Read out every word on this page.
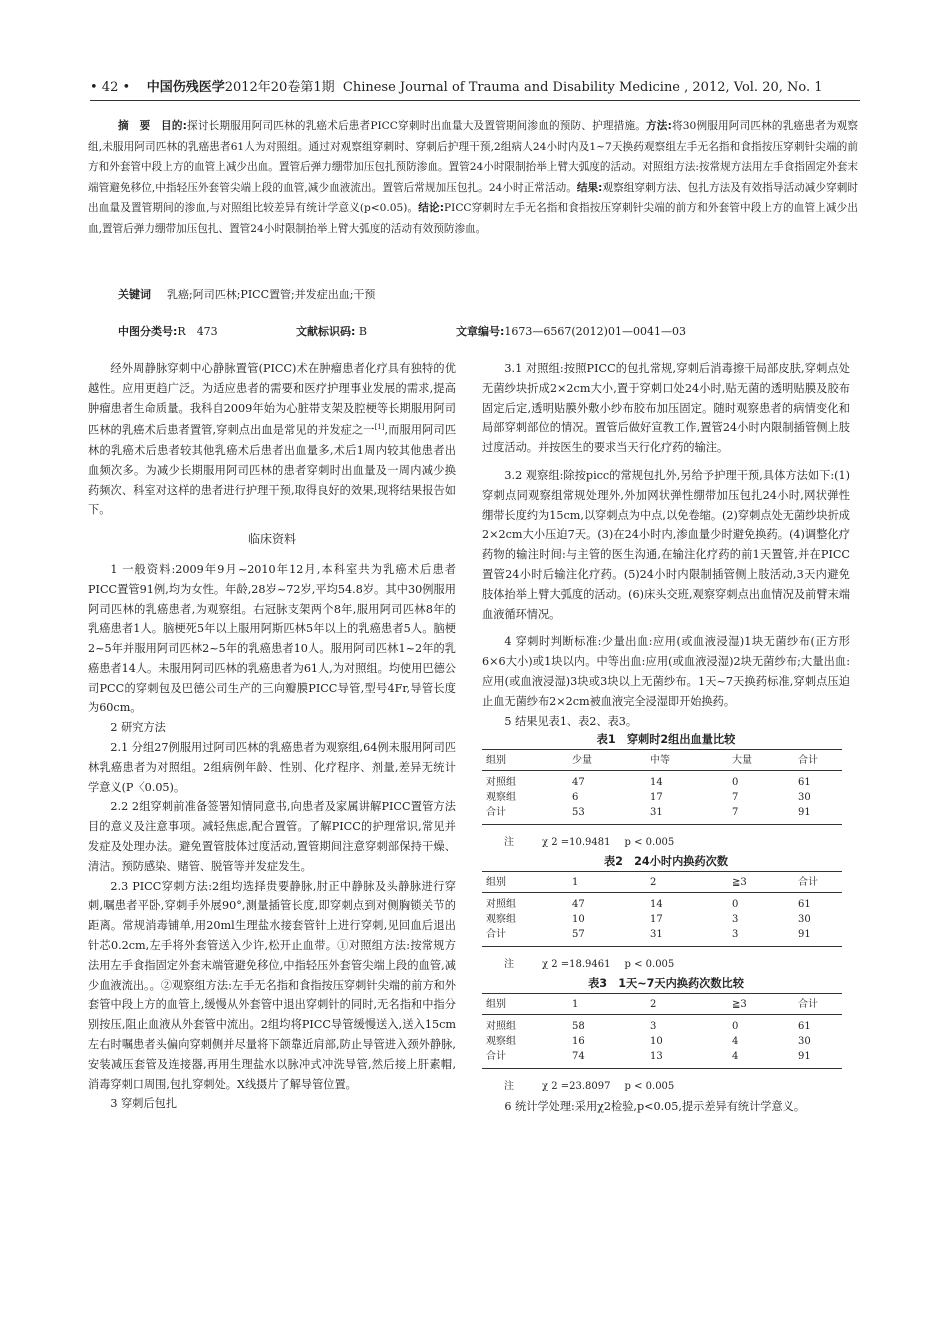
• 42 • 中国伤残医学2012年20卷第1期 Chinese Journal of Trauma and Disability Medicine , 2012, Vol. 20, No. 1

摘　要 目的:探讨长期服用阿司匹林的乳癌术后患者PICC穿刺时出血量大及置管期间渗血的预防、护理措施。方法:将30例服用阿司匹林的乳癌患者为观察组,未服用阿司匹林的乳癌患者61人为对照组。通过对观察组穿刺时、穿刺后护理干预,2组病人24小时内及1~7天换药观察组左手无名指和食指按压穿刺针尖端的前方和外套管中段上方的血管上减少出血。置管后弹力绷带加压包扎预防渗血。置管24小时限制抬举上臂大弧度的活动。对照组方法:按常规方法用左手食指固定外套末端管避免移位,中指轻压外套管尖端上段的血管,减少血液流出。置管后常规加压包扎。24小时正常活动。结果:观察组穿刺方法、包扎方法及有效指导活动减少穿刺时出血量及置管期间的渗血,与对照组比较差异有统计学意义(p<0.05)。结论:PICC穿刺时左手无名指和食指按压穿刺针尖端的前方和外套管中段上方的血管上减少出血,置管后弹力绷带加压包扎、置管24小时限制抬举上臂大弧度的活动有效预防渗血。

关键词 乳癌;阿司匹林;PICC置管;并发症出血;干预
中图分类号:R　473	文献标识码: B	文章编号:1673—6567(2012)01—0041—03

经外周静脉穿刺中心静脉置管(PICC)术在肿瘤患者化疗具有独特的优越性。应用更趋广泛。为适应患者的需要和医疗护理事业发展的需求,提高肿瘤患者生命质量。我科自2009年始为心脏帯支架及腔梗等长期服用阿司匹林的乳癌术后患者置管,穿刺点出血是常见的并发症之一[1],而服用阿司匹林的乳癌术后患者较其他乳癌术后患者出血量多,术后1周内较其他患者出血频次多。为减少长期服用阿司匹林的患者穿刺时出血量及一周内减少换药频次、科室对这样的患者进行护理干预,取得良好的效果,现将结果报告如下。

临床资料

1 一般资料:2009年9月~2010年12月,本科室共为乳癌术后患者PICC置管91例,均为女性。年龄,28岁~72岁,平均54.8岁。其中30例服用阿司匹林的乳癌患者,为观察组。右冠脉支架两个8年,服用阿司匹林8年的乳癌患者1人。脑梗死5年以上服用阿斯匹林5年以上的乳癌患者5人。脑梗2~5年并服用阿司匹林2~5年的乳癌患者10人。服用阿司匹林1~2年的乳癌患者14人。未服用阿司匹林的乳癌患者为61人,为对照组。均使用巴德公司PCC的穿刺包及巴德公司生产的三向瓣膜PICC导管,型号4Fr,导管长度为60cm。

2 研究方法

2.1 分组27例服用过阿司匹林的乳癌患者为观察组,64例未服用阿司匹林乳癌患者为对照组。2组病例年龄、性别、化疗程序、剂量,差异无统计学意义(P〈0.05)。

2.2 2组穿刺前准备签署知情同意书,向患者及家属讲解PICC置管方法目的意义及注意事项。减轻焦虑,配合置管。了解PICC的护理常识,常见并发症及处理办法。避免置管肢体过度活动,置管期间注意穿刺部保持干燥、清洁。预防感染、赌管、脱管等并发症发生。

2.3 PICC穿刺方法:2组均选择贵要静脉,肘正中静脉及头静脉进行穿刺,嘱患者平卧,穿刺手外展90°,测量插管长度,即穿刺点到对侧胸锁关节的距离。常规消毒铺单,用20ml生理盐水接套管针上进行穿刺,见回血后退出针芯0.2cm,左手将外套管送入少许,松开止血带。①对照组方法:按常规方法用左手食指固定外套末端管避免移位,中指轻压外套管尖端上段的血管,减少血液流出。。②观察组方法:左手无名指和食指按压穿刺针尖端的前方和外套管中段上方的血管上,缓慢从外套管中退出穿刺针的同时,无名指和中指分别按压,阻止血液从外套管中流出。2组均将PICC导管缓慢送入,送入15cm左右时嘱患者头偏向穿刺侧并尽量将下颌靠近肩部,防止导管进入颈外静脉,安装减压套管及连接器,再用生理盐水以脉冲式冲洗导管,然后接上肝素帽,消毒穿刺口周围,包扎穿刺处。X线摄片了解导管位置。

3 穿刺后包扎

3.1 对照组:按照PICC的包扎常规,穿刺后消毒擦干局部皮肤,穿刺点处无菌纱块折成2×2cm大小,置于穿刺口处24小时,贴无菌的透明贴膜及胶布固定后定,透明贴膜外敷小纱布胶布加压固定。随时观察患者的病情变化和局部穿刺部位的情况。置管后做好宣教工作,置管24小时内限制插管侧上肢过度活动。并按医生的要求当天行化疗药的输注。

3.2 观察组:除按picc的常规包扎外,另给予护理干预,具体方法如下:(1)穿刺点同观察组常规处理外,外加网状弹性绷带加压包扎24小时,网状弹性绷带长度约为15cm,以穿刺点为中点,以免卷缩。(2)穿刺点处无菌纱块折成2×2cm大小压迫7天。(3)在24小时内,渗血量少时避免换药。(4)调整化疗药物的输注时间:与主管的医生沟通,在输注化疗药的前1天置管,并在PICC置管24小时后输注化疗药。(5)24小时内限制插管侧上肢活动,3天内避免肢体抬举上臂大弧度的活动。(6)床头交班,观察穿刺点出血情况及前臂末端血液循环情况。

4 穿刺时判断标准:少量出血:应用(或血液浸湿)1块无菌纱布(正方形6×6大小)或1块以内。中等出血:应用(或血液浸湿)2块无菌纱布;大量出血:应用(或血液浸湿)3块或3块以上无菌纱布。1天~7天换药标准,穿刺点压迫止血无菌纱布2×2cm被血液完全浸湿即开始换药。

5 结果见表1、表2、表3。

表1　穿刺时2组出血量比较
组别	少量	中等	大量	合计
对照组	47	14	0	61
观察组	6	17	7	30
合计	53	31	7	91
注	χ 2 =10.9481 p < 0.005
表2　24小时内换药次数
组别	1	2	≧3	合计
对照组	47	14	0	61
观察组	10	17	3	30
合计	57	31	3	91
注	χ 2 =18.9461 p < 0.005
表3　1天~7天内换药次数比较
组别	1	2	≧3	合计
对照组	58	3	0	61
观察组	16	10	4	30
合计	74	13	4	91
注	χ 2 =23.8097 p < 0.005

6 统计学处理:采用χ2检验,p<0.05,提示差异有统计学意义。
